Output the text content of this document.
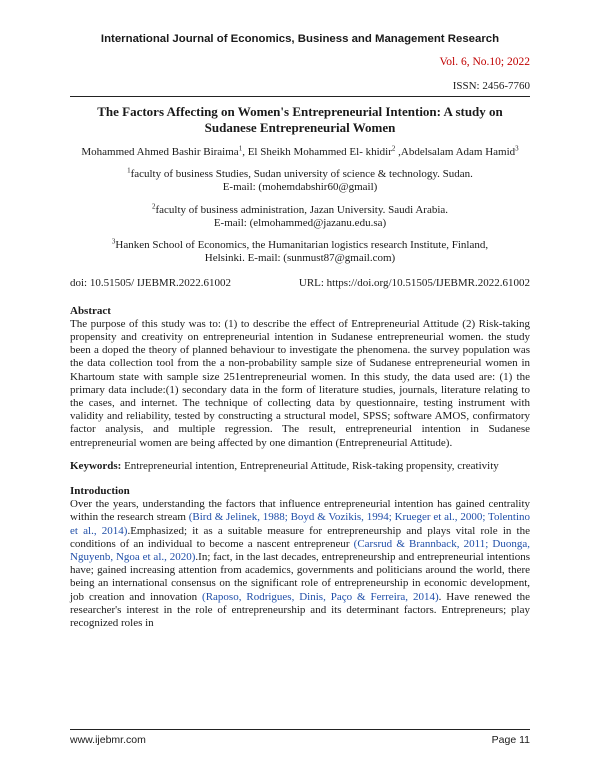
International Journal of Economics, Business and Management Research
Vol. 6, No.10; 2022
ISSN: 2456-7760
The Factors Affecting on Women's Entrepreneurial Intention: A study on Sudanese Entrepreneurial Women
Mohammed Ahmed Bashir Biraima$^1$, El Sheikh Mohammed El- khidir$^2$ ,Abdelsalam Adam Hamid$^3$
$^1$faculty of business Studies, Sudan university of science & technology. Sudan.
E-mail: (mohemdabshir60@gmail)
$^2$faculty of business administration, Jazan University. Saudi Arabia.
E-mail: (elmohammed@jazanu.edu.sa)
$^3$Hanken School of Economics, the Humanitarian logistics research Institute, Finland,
Helsinki. E-mail: (sunmust87@gmail.com)
doi: 10.51505/ IJEBMR.2022.61002	URL: https://doi.org/10.51505/IJEBMR.2022.61002
Abstract
The purpose of this study was to: (1) to describe the effect of Entrepreneurial Attitude (2) Risk-taking propensity and creativity on entrepreneurial intention in Sudanese entrepreneurial women. the study been a doped the theory of planned behaviour to investigate the phenomena. the survey population was the data collection tool from the a non-probability sample size of Sudanese entrepreneurial women in Khartoum state with sample size 251entrepreneurial women. In this study, the data used are: (1) the primary data include:(1) secondary data in the form of literature studies, journals, literature relating to the cases, and internet. The technique of collecting data by questionnaire, testing instrument with validity and reliability, tested by constructing a structural model, SPSS; software AMOS, confirmatory factor analysis, and multiple regression. The result, entrepreneurial intention in Sudanese entrepreneurial women are being affected by one dimantion (Entrepreneurial Attitude).
Keywords: Entrepreneurial intention, Entrepreneurial Attitude, Risk-taking propensity, creativity
Introduction
Over the years, understanding the factors that influence entrepreneurial intention has gained centrality within the research stream (Bird & Jelinek, 1988; Boyd & Vozikis, 1994; Krueger et al., 2000; Tolentino et al., 2014).Emphasized; it as a suitable measure for entrepreneurship and plays vital role in the conditions of an individual to become a nascent entrepreneur (Carsrud & Brannback, 2011; Duonga, Nguyenb, Ngoa et al., 2020).In; fact, in the last decades, entrepreneurship and entrepreneurial intentions have; gained increasing attention from academics, governments and politicians around the world, there being an international consensus on the significant role of entrepreneurship in economic development, job creation and innovation (Raposo, Rodrigues, Dinis, Paço & Ferreira, 2014). Have renewed the researcher's interest in the role of entrepreneurship and its determinant factors. Entrepreneurs; play recognized roles in
www.ijebmr.com	Page 11
